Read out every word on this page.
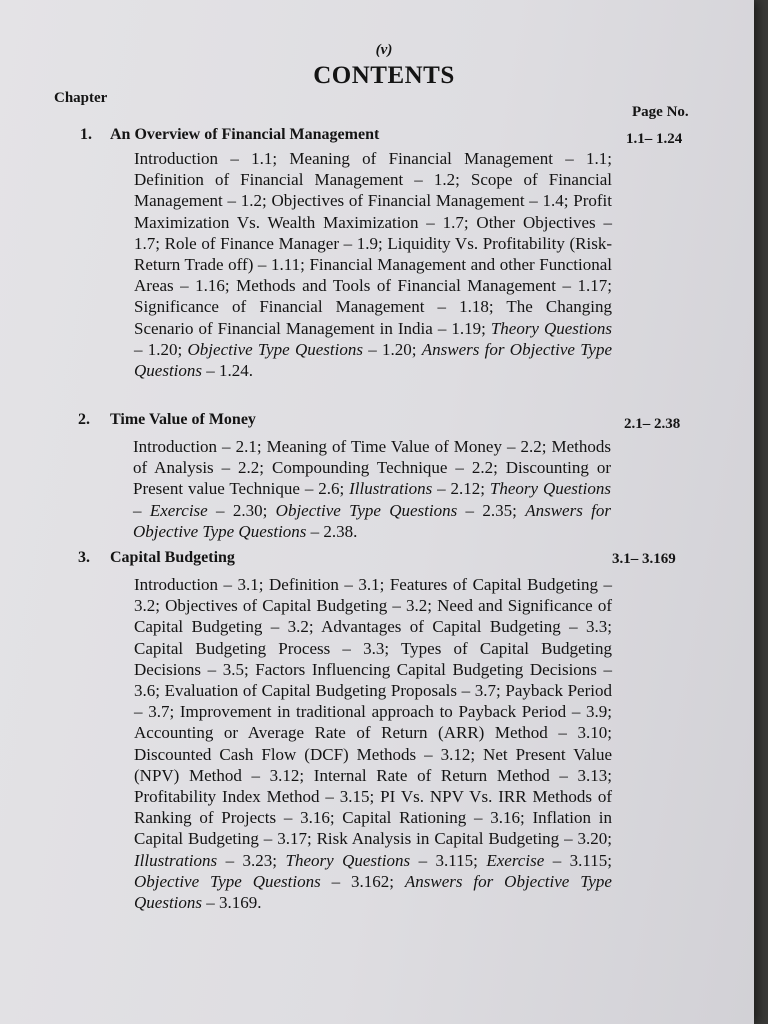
(v)
CONTENTS
Chapter
Page No.
1. An Overview of Financial Management	1.1– 1.24
Introduction – 1.1; Meaning of Financial Management – 1.1; Definition of Financial Management – 1.2; Scope of Financial Management – 1.2; Objectives of Financial Management – 1.4; Profit Maximization Vs. Wealth Maximization – 1.7; Other Objectives – 1.7; Role of Finance Manager – 1.9; Liquidity Vs. Profitability (Risk-Return Trade off) – 1.11; Financial Management and other Functional Areas – 1.16; Methods and Tools of Financial Management – 1.17; Significance of Financial Management – 1.18; The Changing Scenario of Financial Management in India – 1.19; Theory Questions – 1.20; Objective Type Questions – 1.20; Answers for Objective Type Questions – 1.24.
2. Time Value of Money	2.1– 2.38
Introduction – 2.1; Meaning of Time Value of Money – 2.2; Methods of Analysis – 2.2; Compounding Technique – 2.2; Discounting or Present value Technique – 2.6; Illustrations – 2.12; Theory Questions – Exercise – 2.30; Objective Type Questions – 2.35; Answers for Objective Type Questions – 2.38.
3. Capital Budgeting	3.1– 3.169
Introduction – 3.1; Definition – 3.1; Features of Capital Budgeting – 3.2; Objectives of Capital Budgeting – 3.2; Need and Significance of Capital Budgeting – 3.2; Advantages of Capital Budgeting – 3.3; Capital Budgeting Process – 3.3; Types of Capital Budgeting Decisions – 3.5; Factors Influencing Capital Budgeting Decisions – 3.6; Evaluation of Capital Budgeting Proposals – 3.7; Payback Period – 3.7; Improvement in traditional approach to Payback Period – 3.9; Accounting or Average Rate of Return (ARR) Method – 3.10; Discounted Cash Flow (DCF) Methods – 3.12; Net Present Value (NPV) Method – 3.12; Internal Rate of Return Method – 3.13; Profitability Index Method – 3.15; PI Vs. NPV Vs. IRR Methods of Ranking of Projects – 3.16; Capital Rationing – 3.16; Inflation in Capital Budgeting – 3.17; Risk Analysis in Capital Budgeting – 3.20; Illustrations – 3.23; Theory Questions – 3.115; Exercise – 3.115; Objective Type Questions – 3.162; Answers for Objective Type Questions – 3.169.
